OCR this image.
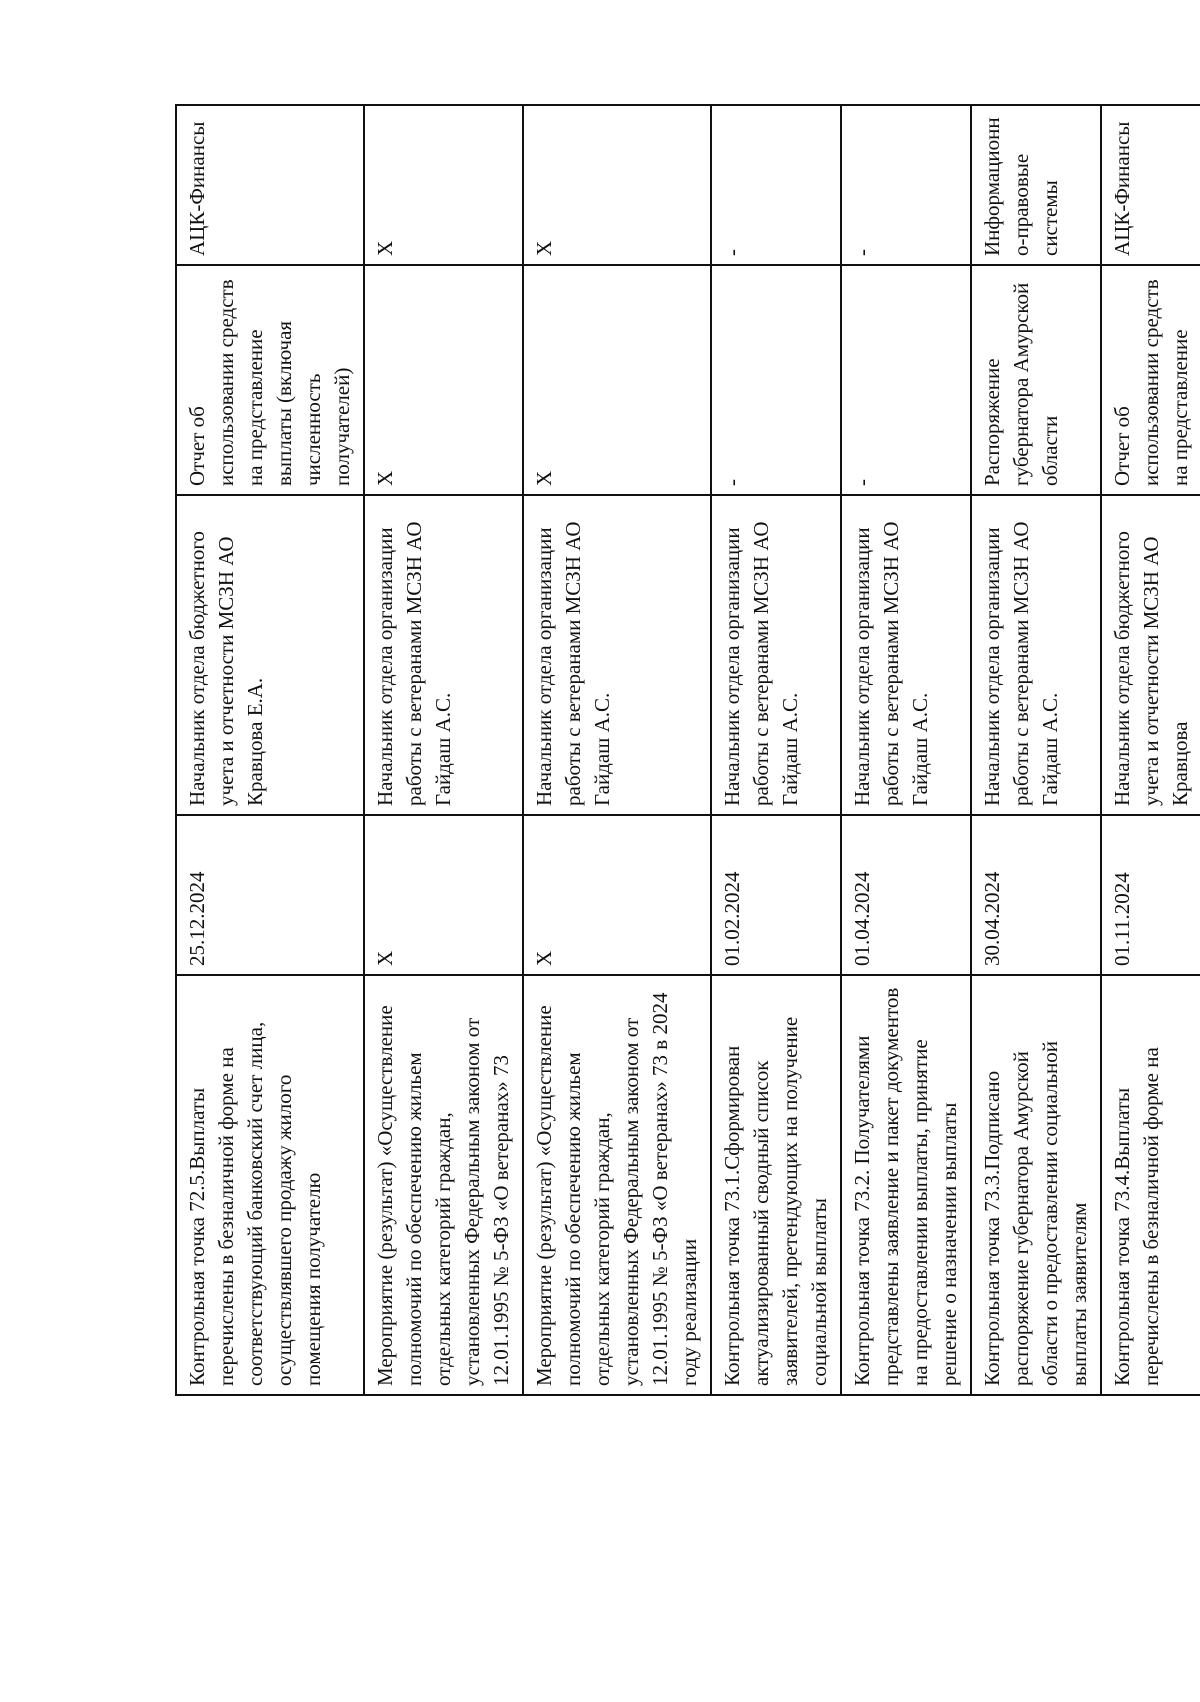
Контрольная точка 72.5.Выплаты перечислены в безналичной форме на соответствующий банковский счет лица, осуществлявшего продажу жилого помещения получателю	25.12.2024	Начальник отдела бюджетного учета и отчетности МСЗН АО Кравцова Е.А.	Отчет об использовании средств на представление выплаты (включая численность получателей)	АЦК-Финансы
Мероприятие (результат) «Осуществление полномочий по обеспечению жильем отдельных категорий граждан, установленных Федеральным законом от 12.01.1995 № 5-ФЗ «О ветеранах» 73	Х	Начальник отдела организации работы с ветеранами МСЗН АО Гайдаш А.С.	Х	Х
Мероприятие (результат) «Осуществление полномочий по обеспечению жильем отдельных категорий граждан, установленных Федеральным законом от 12.01.1995 № 5-ФЗ «О ветеранах» 73 в 2024 году реализации	Х	Начальник отдела организации работы с ветеранами МСЗН АО Гайдаш А.С.	Х	Х
Контрольная точка 73.1.Сформирован актуализированный сводный список заявителей, претендующих на получение социальной выплаты	01.02.2024	Начальник отдела организации работы с ветеранами МСЗН АО Гайдаш А.С.	-	-
Контрольная точка 73.2. Получателями представлены заявление и пакет документов на предоставлении выплаты, принятие решение о назначении выплаты	01.04.2024	Начальник отдела организации работы с ветеранами МСЗН АО Гайдаш А.С.	-	-
Контрольная точка 73.3.Подписано распоряжение губернатора Амурской области о предоставлении социальной выплаты заявителям	30.04.2024	Начальник отдела организации работы с ветеранами МСЗН АО Гайдаш А.С.	Распоряжение губернатора Амурской области	Информационно-правовые системы
Контрольная точка 73.4.Выплаты перечислены в безналичной форме на	01.11.2024	Начальник отдела бюджетного учета и отчетности МСЗН АО Кравцова	Отчет об использовании средств на представление	АЦК-Финансы
